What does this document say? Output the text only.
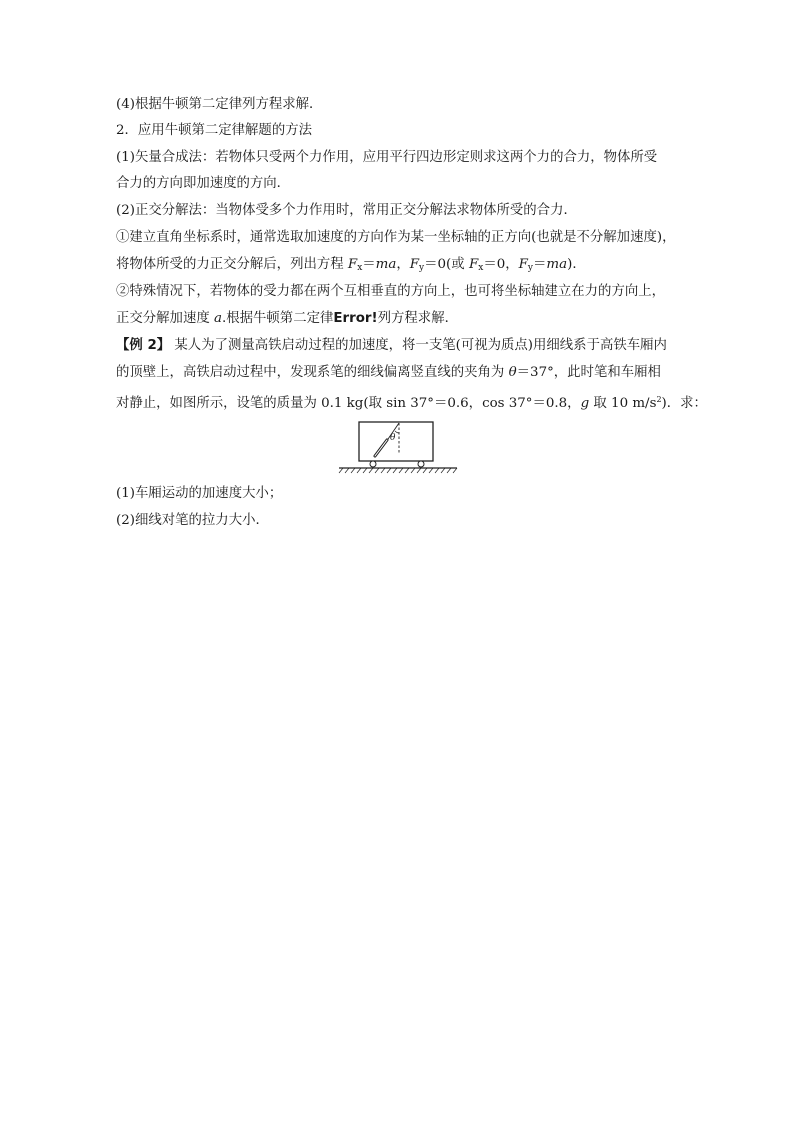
(4)根据牛顿第二定律列方程求解．
2．应用牛顿第二定律解题的方法
(1)矢量合成法：若物体只受两个力作用，应用平行四边形定则求这两个力的合力，物体所受
合力的方向即加速度的方向．
(2)正交分解法：当物体受多个力作用时，常用正交分解法求物体所受的合力．
①建立直角坐标系时，通常选取加速度的方向作为某一坐标轴的正方向(也就是不分解加速度)，
将物体所受的力正交分解后，列出方程 $F_x=ma$，$F_y=0$(或 $F_x=0$，$F_y=ma$)．
②特殊情况下，若物体的受力都在两个互相垂直的方向上，也可将坐标轴建立在力的方向上，
正交分解加速度 a.根据牛顿第二定律Error!列方程求解．
【例 2】 某人为了测量高铁启动过程的加速度，将一支笔(可视为质点)用细线系于高铁车厢内
的顶壁上，高铁启动过程中，发现系笔的细线偏离竖直线的夹角为 θ＝37°，此时笔和车厢相
对静止，如图所示，设笔的质量为 0.1 kg(取 sin 37°＝0.6，cos 37°＝0.8，g 取 10 $m/s^2$)．求：
θ
(1)车厢运动的加速度大小；
(2)细线对笔的拉力大小．
